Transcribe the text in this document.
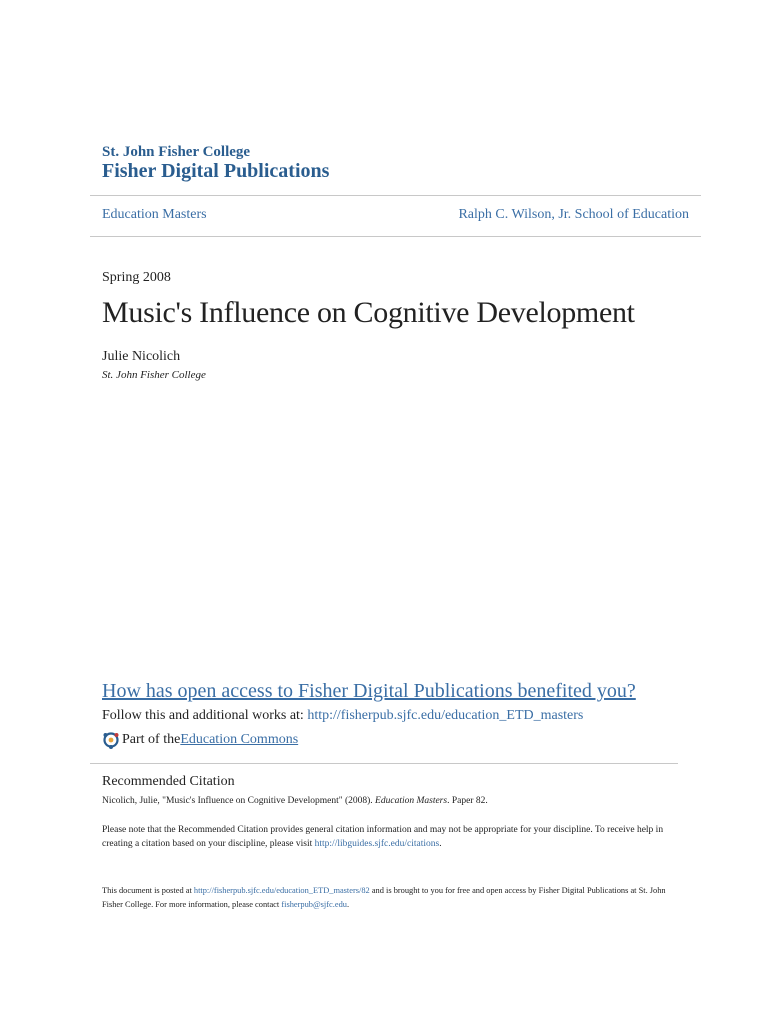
St. John Fisher College
Fisher Digital Publications
Education Masters	Ralph C. Wilson, Jr. School of Education
Spring 2008
Music's Influence on Cognitive Development
Julie Nicolich
St. John Fisher College
How has open access to Fisher Digital Publications benefited you?
Follow this and additional works at: http://fisherpub.sjfc.edu/education_ETD_masters
Part of the Education Commons
Recommended Citation
Nicolich, Julie, "Music's Influence on Cognitive Development" (2008). Education Masters. Paper 82.
Please note that the Recommended Citation provides general citation information and may not be appropriate for your discipline. To receive help in creating a citation based on your discipline, please visit http://libguides.sjfc.edu/citations.
This document is posted at http://fisherpub.sjfc.edu/education_ETD_masters/82 and is brought to you for free and open access by Fisher Digital Publications at St. John Fisher College. For more information, please contact fisherpub@sjfc.edu.
